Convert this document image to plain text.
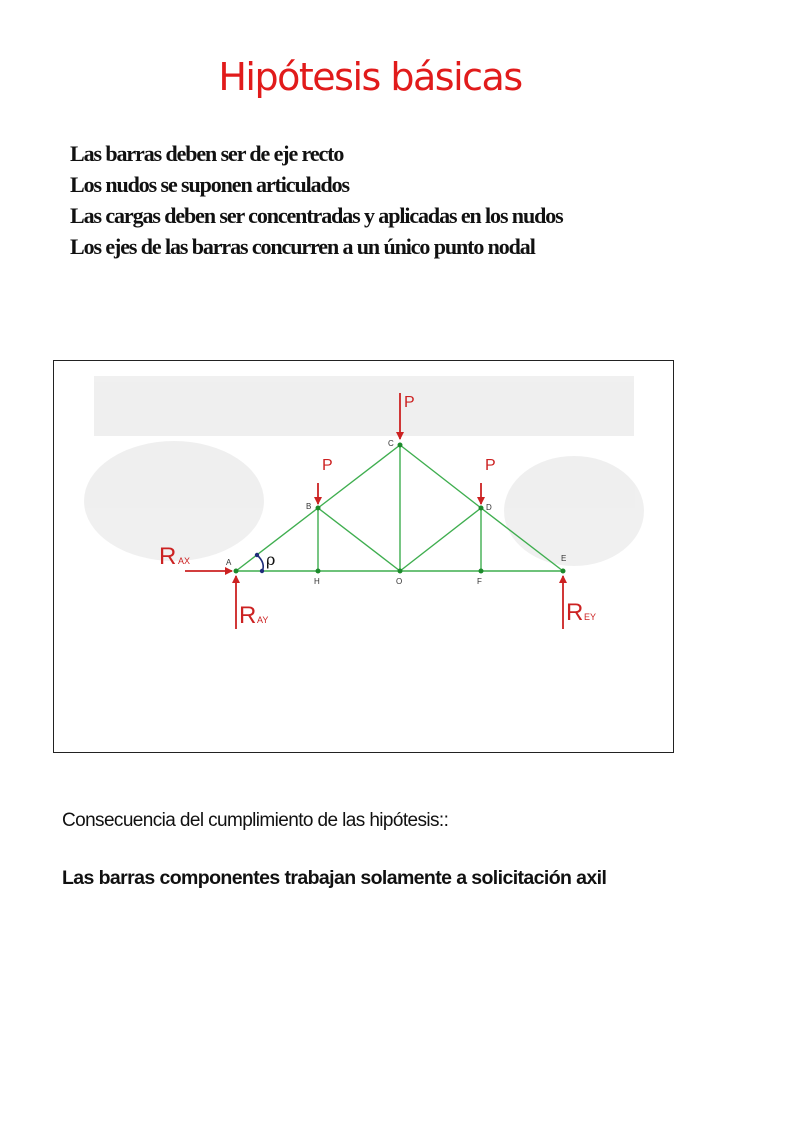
Hipótesis básicas
Las barras deben ser de eje recto
Los nudos se suponen articulados
Las cargas deben ser concentradas y aplicadas en los nudos
Los ejes de las barras concurren a un único punto nodal
A
B
C
D
E
H	O	F
ρ
P
P	P
R AX
R AY	R EY
Consecuencia del cumplimiento de las hipótesis::
Las barras componentes trabajan solamente a solicitación axil
